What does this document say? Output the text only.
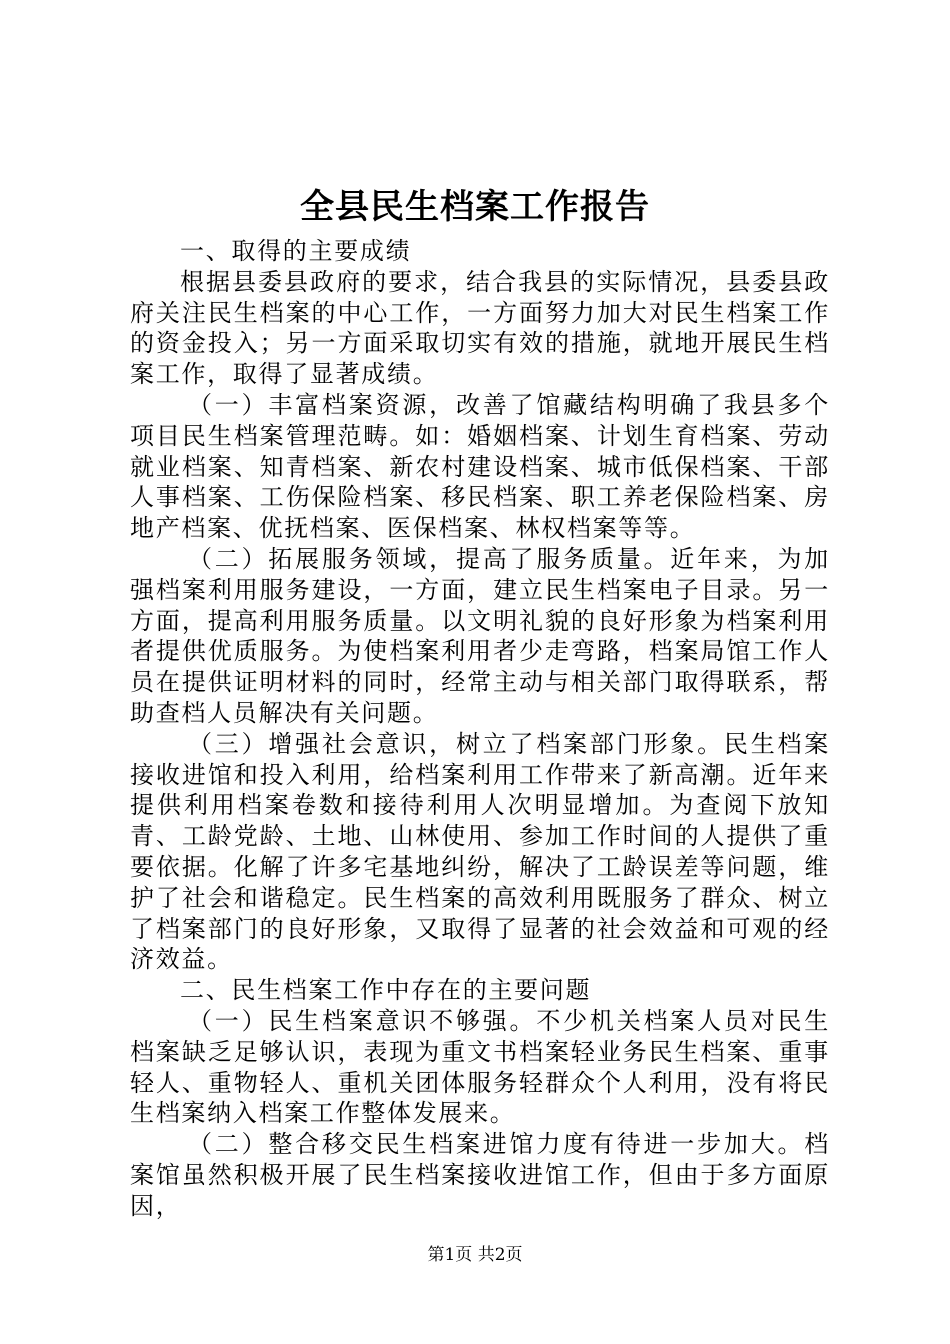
全县民生档案工作报告

一、取得的主要成绩

根据县委县政府的要求，结合我县的实际情况，县委县政府关注民生档案的中心工作，一方面努力加大对民生档案工作的资金投入；另一方面采取切实有效的措施，就地开展民生档案工作，取得了显著成绩。

（一）丰富档案资源，改善了馆藏结构明确了我县多个项目民生档案管理范畴。如：婚姻档案、计划生育档案、劳动就业档案、知青档案、新农村建设档案、城市低保档案、干部人事档案、工伤保险档案、移民档案、职工养老保险档案、房地产档案、优抚档案、医保档案、林权档案等等。

（二）拓展服务领域，提高了服务质量。近年来，为加强档案利用服务建设，一方面，建立民生档案电子目录。另一方面，提高利用服务质量。以文明礼貌的良好形象为档案利用者提供优质服务。为使档案利用者少走弯路，档案局馆工作人员在提供证明材料的同时，经常主动与相关部门取得联系，帮助查档人员解决有关问题。

（三）增强社会意识，树立了档案部门形象。民生档案接收进馆和投入利用，给档案利用工作带来了新高潮。近年来提供利用档案卷数和接待利用人次明显增加。为查阅下放知青、工龄党龄、土地、山林使用、参加工作时间的人提供了重要依据。化解了许多宅基地纠纷，解决了工龄误差等问题，维护了社会和谐稳定。民生档案的高效利用既服务了群众、树立了档案部门的良好形象，又取得了显著的社会效益和可观的经济效益。

二、民生档案工作中存在的主要问题

（一）民生档案意识不够强。不少机关档案人员对民生档案缺乏足够认识，表现为重文书档案轻业务民生档案、重事轻人、重物轻人、重机关团体服务轻群众个人利用，没有将民生档案纳入档案工作整体发展来。

（二）整合移交民生档案进馆力度有待进一步加大。档案馆虽然积极开展了民生档案接收进馆工作，但由于多方面原因，

第1页 共2页
